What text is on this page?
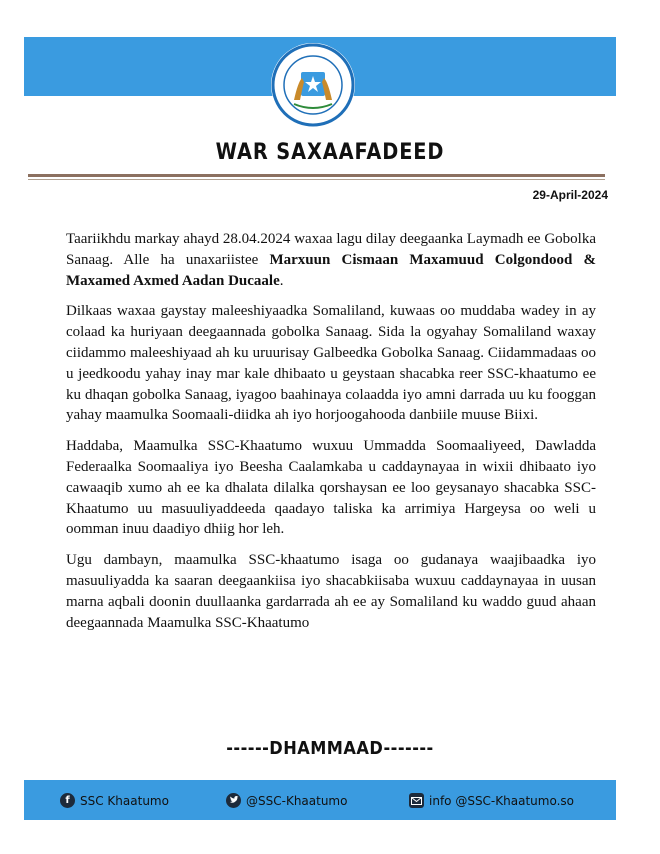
WAR SAXAAFADEED
29-April-2024

Taariikhdu markay ahayd 28.04.2024 waxaa lagu dilay deegaanka Laymadh ee Gobolka Sanaag. Alle ha unaxariistee Marxuun Cismaan Maxamuud Colgondood & Maxamed Axmed Aadan Ducaale.

Dilkaas waxaa gaystay maleeshiyaadka Somaliland, kuwaas oo muddaba wadey in ay colaad ka huriyaan deegaannada gobolka Sanaag. Sida la ogyahay Somaliland waxay ciidammo maleeshiyaad ah ku uruurisay Galbeedka Gobolka Sanaag. Ciidammadaas oo u jeedkoodu yahay inay mar kale dhibaato u geystaan shacabka reer SSC-khaatumo ee ku dhaqan gobolka Sanaag, iyagoo baahinaya colaadda iyo amni darrada uu ku fooggan yahay maamulka Soomaali-diidka ah iyo horjoogahooda danbiile muuse Biixi.

Haddaba, Maamulka SSC-Khaatumo wuxuu Ummadda Soomaaliyeed, Dawladda Federaalka Soomaaliya iyo Beesha Caalamkaba u caddaynayaa in wixii dhibaato iyo cawaaqib xumo ah ee ka dhalata dilalka qorshaysan ee loo geysanayo shacabka SSC-Khaatumo uu masuuliyaddeeda qaadayo taliska ka arrimiya Hargeysa oo weli u oomman inuu daadiyo dhiig hor leh.

Ugu dambayn, maamulka SSC-khaatumo isaga oo gudanaya waajibaadka iyo masuuliyadda ka saaran deegaankiisa iyo shacabkiisaba wuxuu caddaynayaa in uusan marna aqbali doonin duullaanka gardarrada ah ee ay Somaliland ku waddo guud ahaan deegaannada Maamulka SSC-Khaatumo

------DHAMMAAD-------
f SSC Khaatumo	@SSC-Khaatumo	info @SSC-Khaatumo.so
